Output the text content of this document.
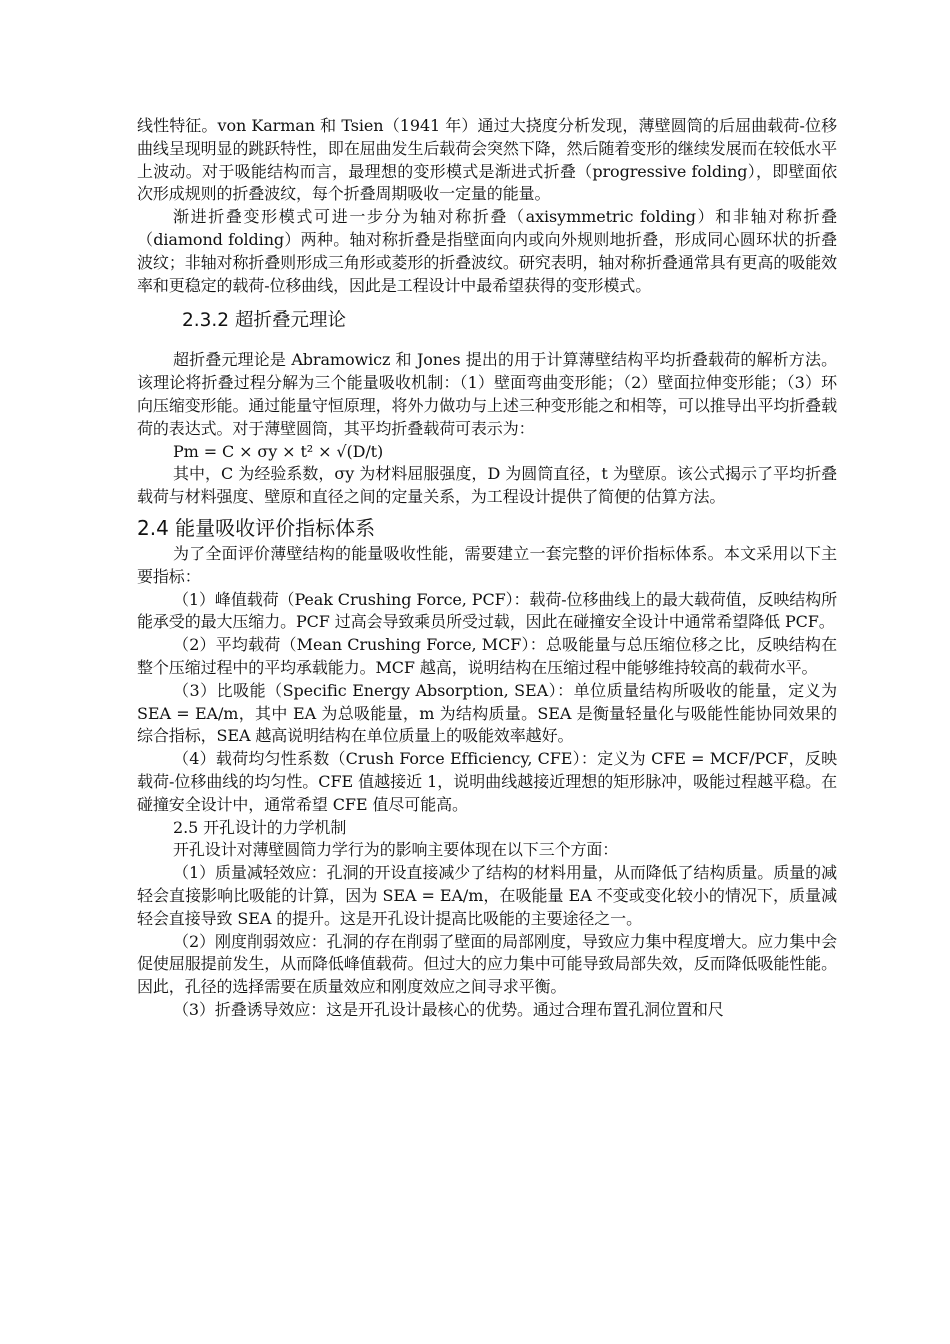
线性特征。von Karman 和 Tsien（1941 年）通过大挠度分析发现，薄壁圆筒的后屈曲载荷-位移曲线呈现明显的跳跃特性，即在屈曲发生后载荷会突然下降，然后随着变形的继续发展而在较低水平上波动。对于吸能结构而言，最理想的变形模式是渐进式折叠（progressive folding），即壁面依次形成规则的折叠波纹，每个折叠周期吸收一定量的能量。

渐进折叠变形模式可进一步分为轴对称折叠（axisymmetric folding）和非轴对称折叠（diamond folding）两种。轴对称折叠是指壁面向内或向外规则地折叠，形成同心圆环状的折叠波纹；非轴对称折叠则形成三角形或菱形的折叠波纹。研究表明，轴对称折叠通常具有更高的吸能效率和更稳定的载荷-位移曲线，因此是工程设计中最希望获得的变形模式。

2.3.2 超折叠元理论

超折叠元理论是 Abramowicz 和 Jones 提出的用于计算薄壁结构平均折叠载荷的解析方法。该理论将折叠过程分解为三个能量吸收机制：（1）壁面弯曲变形能；（2）壁面拉伸变形能；（3）环向压缩变形能。通过能量守恒原理，将外力做功与上述三种变形能之和相等，可以推导出平均折叠载荷的表达式。对于薄壁圆筒，其平均折叠载荷可表示为：

Pm = C × σy × t² × √(D/t)

其中，C 为经验系数，σy 为材料屈服强度，D 为圆筒直径，t 为壁原。该公式揭示了平均折叠载荷与材料强度、壁原和直径之间的定量关系，为工程设计提供了简便的估算方法。

2.4 能量吸收评价指标体系

为了全面评价薄壁结构的能量吸收性能，需要建立一套完整的评价指标体系。本文采用以下主要指标：

（1）峰值载荷（Peak Crushing Force, PCF）：载荷-位移曲线上的最大载荷值，反映结构所能承受的最大压缩力。PCF 过高会导致乘员所受过载，因此在碰撞安全设计中通常希望降低 PCF。

（2）平均载荷（Mean Crushing Force, MCF）：总吸能量与总压缩位移之比，反映结构在整个压缩过程中的平均承载能力。MCF 越高，说明结构在压缩过程中能够维持较高的载荷水平。

（3）比吸能（Specific Energy Absorption, SEA）：单位质量结构所吸收的能量，定义为 SEA = EA/m，其中 EA 为总吸能量，m 为结构质量。SEA 是衡量轻量化与吸能性能协同效果的综合指标，SEA 越高说明结构在单位质量上的吸能效率越好。

（4）载荷均匀性系数（Crush Force Efficiency, CFE）：定义为 CFE = MCF/PCF，反映载荷-位移曲线的均匀性。CFE 值越接近 1，说明曲线越接近理想的矩形脉冲，吸能过程越平稳。在碰撞安全设计中，通常希望 CFE 值尽可能高。

2.5 开孔设计的力学机制

开孔设计对薄壁圆筒力学行为的影响主要体现在以下三个方面：

（1）质量减轻效应：孔洞的开设直接减少了结构的材料用量，从而降低了结构质量。质量的减轻会直接影响比吸能的计算，因为 SEA = EA/m，在吸能量 EA 不变或变化较小的情况下，质量减轻会直接导致 SEA 的提升。这是开孔设计提高比吸能的主要途径之一。

（2）刚度削弱效应：孔洞的存在削弱了壁面的局部刚度，导致应力集中程度增大。应力集中会促使屈服提前发生，从而降低峰值载荷。但过大的应力集中可能导致局部失效，反而降低吸能性能。因此，孔径的选择需要在质量效应和刚度效应之间寻求平衡。

（3）折叠诱导效应：这是开孔设计最核心的优势。通过合理布置孔洞位置和尺
